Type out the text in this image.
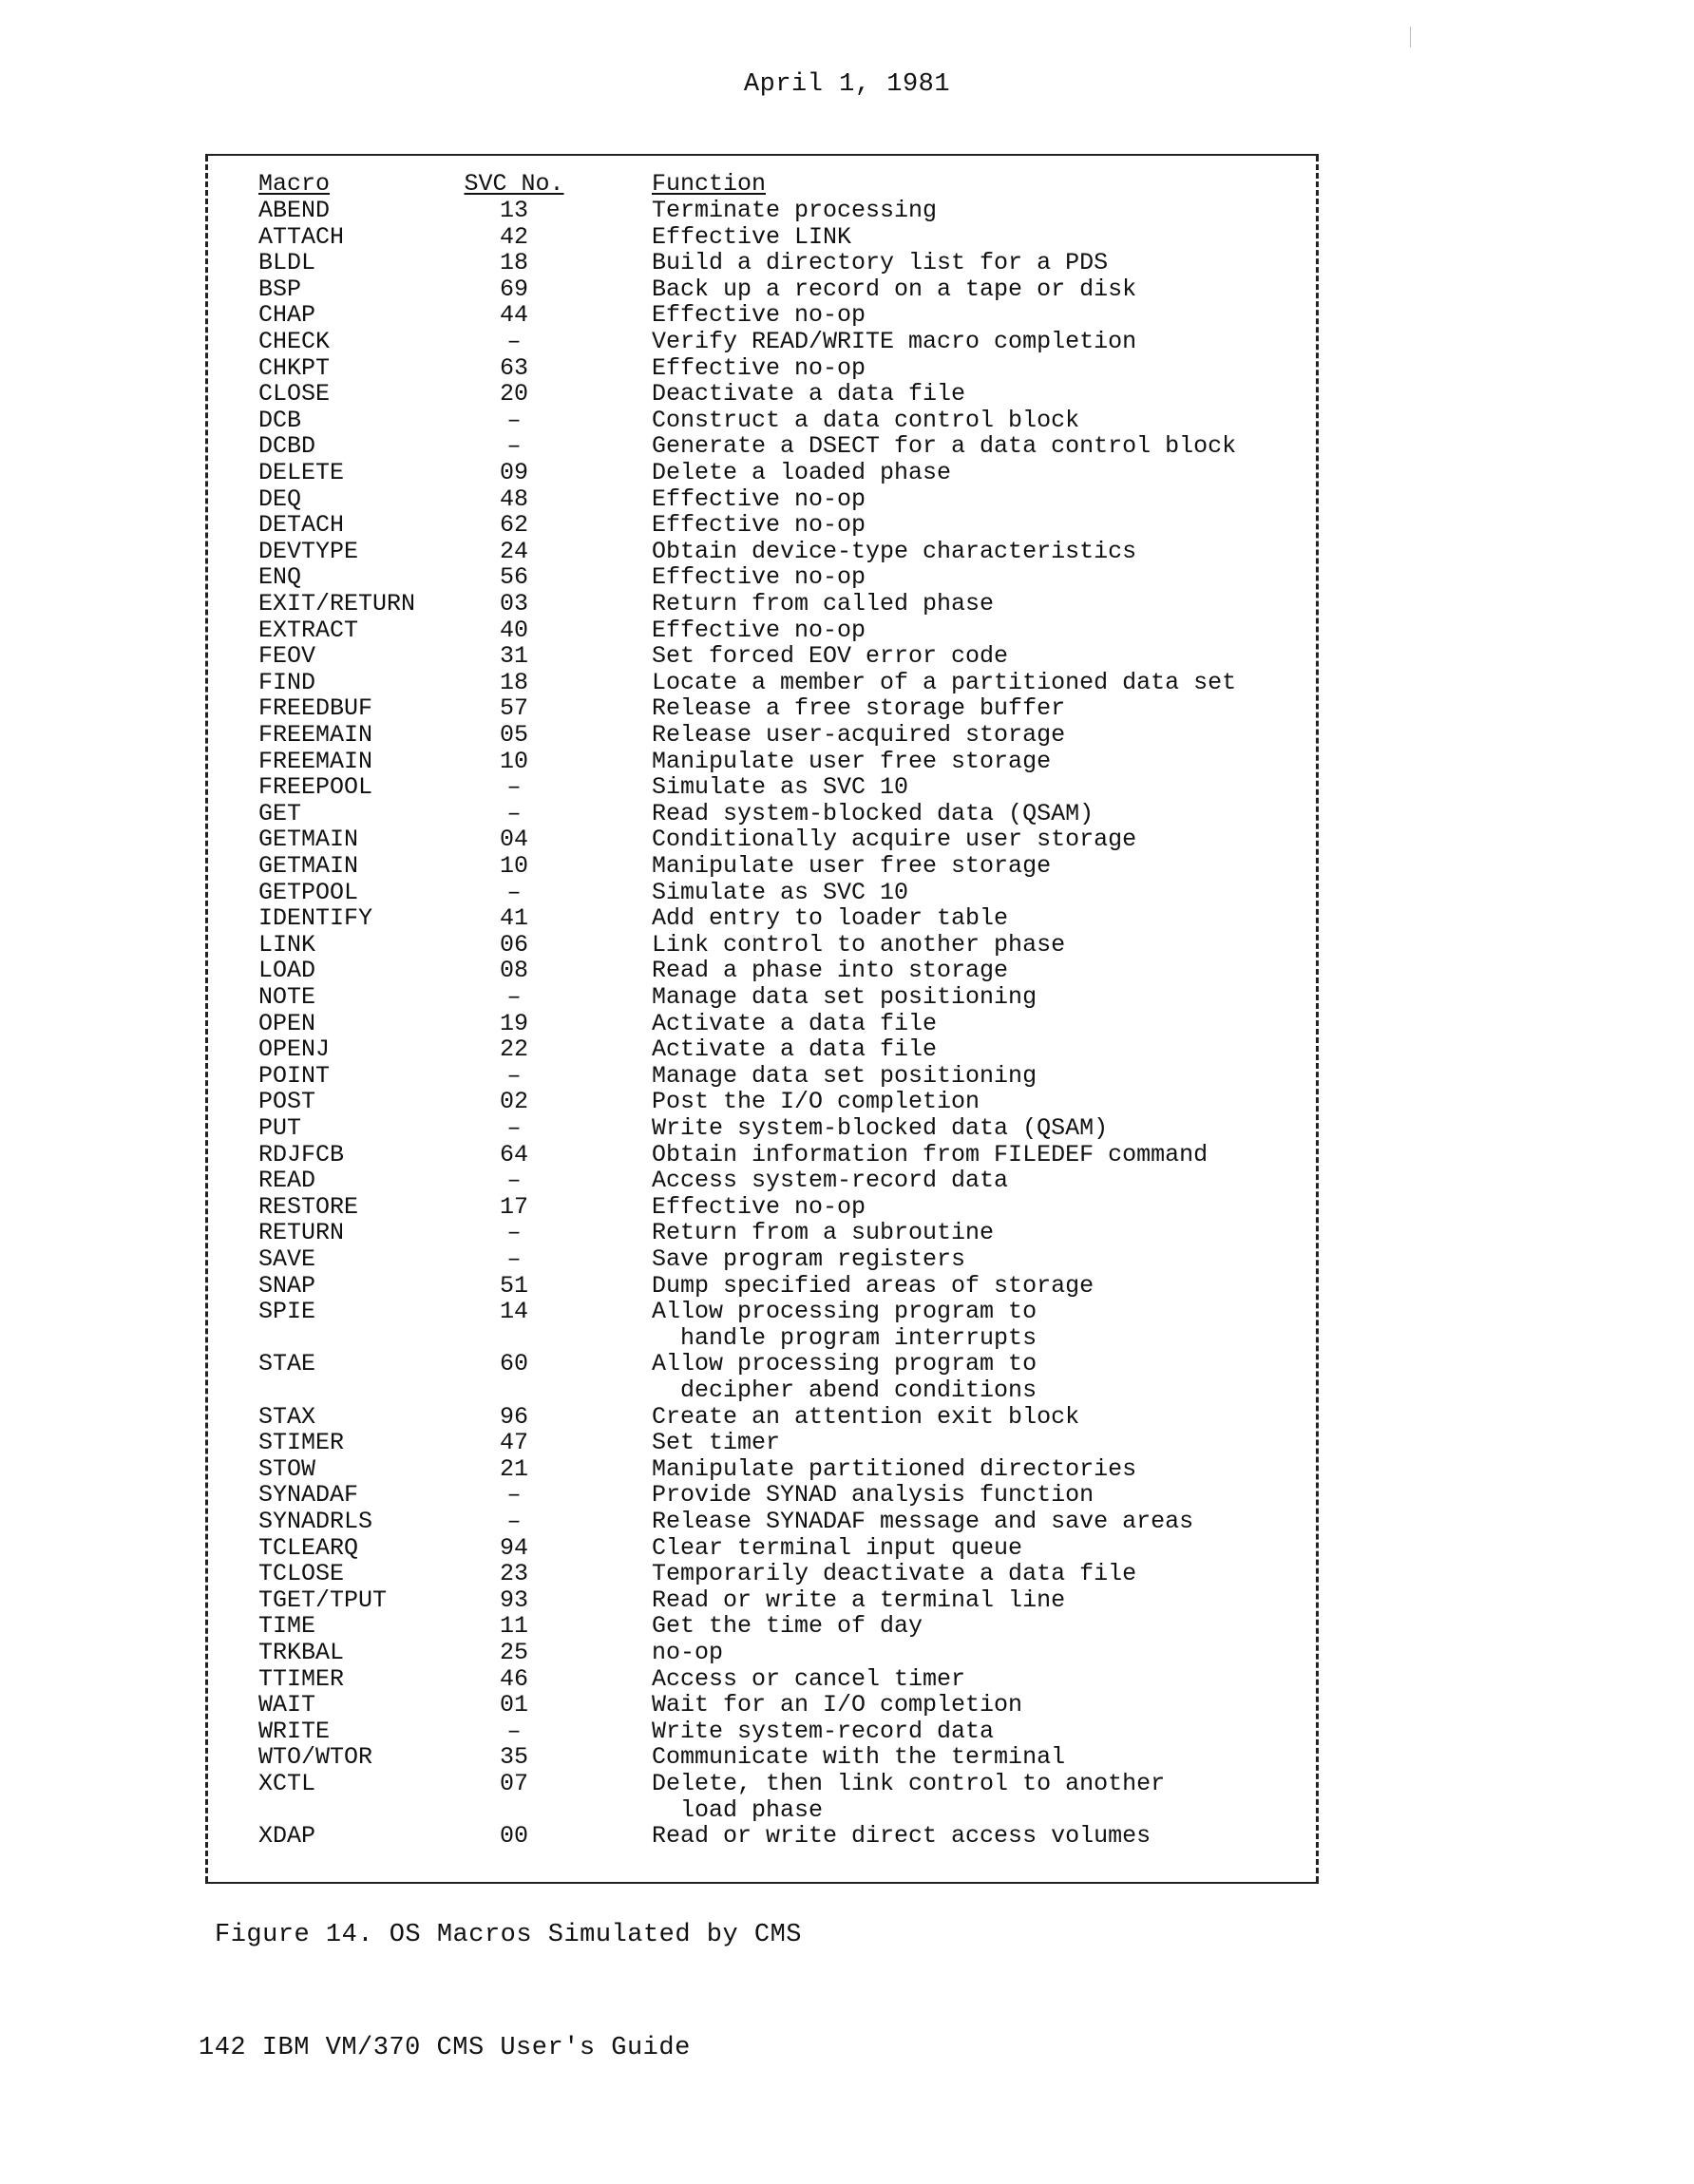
April 1, 1981
Macro	SVC No.	Function
ABEND	13	Terminate processing
ATTACH	42	Effective LINK
BLDL	18	Build a directory list for a PDS
BSP	69	Back up a record on a tape or disk
CHAP	44	Effective no-op
CHECK	–	Verify READ/WRITE macro completion
CHKPT	63	Effective no-op
CLOSE	20	Deactivate a data file
DCB	–	Construct a data control block
DCBD	–	Generate a DSECT for a data control block
DELETE	09	Delete a loaded phase
DEQ	48	Effective no-op
DETACH	62	Effective no-op
DEVTYPE	24	Obtain device-type characteristics
ENQ	56	Effective no-op
EXIT/RETURN	03	Return from called phase
EXTRACT	40	Effective no-op
FEOV	31	Set forced EOV error code
FIND	18	Locate a member of a partitioned data set
FREEDBUF	57	Release a free storage buffer
FREEMAIN	05	Release user-acquired storage
FREEMAIN	10	Manipulate user free storage
FREEPOOL	–	Simulate as SVC 10
GET	–	Read system-blocked data (QSAM)
GETMAIN	04	Conditionally acquire user storage
GETMAIN	10	Manipulate user free storage
GETPOOL	–	Simulate as SVC 10
IDENTIFY	41	Add entry to loader table
LINK	06	Link control to another phase
LOAD	08	Read a phase into storage
NOTE	–	Manage data set positioning
OPEN	19	Activate a data file
OPENJ	22	Activate a data file
POINT	–	Manage data set positioning
POST	02	Post the I/O completion
PUT	–	Write system-blocked data (QSAM)
RDJFCB	64	Obtain information from FILEDEF command
READ	–	Access system-record data
RESTORE	17	Effective no-op
RETURN	–	Return from a subroutine
SAVE	–	Save program registers
SNAP	51	Dump specified areas of storage
SPIE	14	Allow processing program to
handle program interrupts
STAE	60	Allow processing program to
decipher abend conditions
STAX	96	Create an attention exit block
STIMER	47	Set timer
STOW	21	Manipulate partitioned directories
SYNADAF	–	Provide SYNAD analysis function
SYNADRLS	–	Release SYNADAF message and save areas
TCLEARQ	94	Clear terminal input queue
TCLOSE	23	Temporarily deactivate a data file
TGET/TPUT	93	Read or write a terminal line
TIME	11	Get the time of day
TRKBAL	25	no-op
TTIMER	46	Access or cancel timer
WAIT	01	Wait for an I/O completion
WRITE	–	Write system-record data
WTO/WTOR	35	Communicate with the terminal
XCTL	07	Delete, then link control to another
load phase
XDAP	00	Read or write direct access volumes
Figure 14. OS Macros Simulated by CMS
142 IBM VM/370 CMS User's Guide
